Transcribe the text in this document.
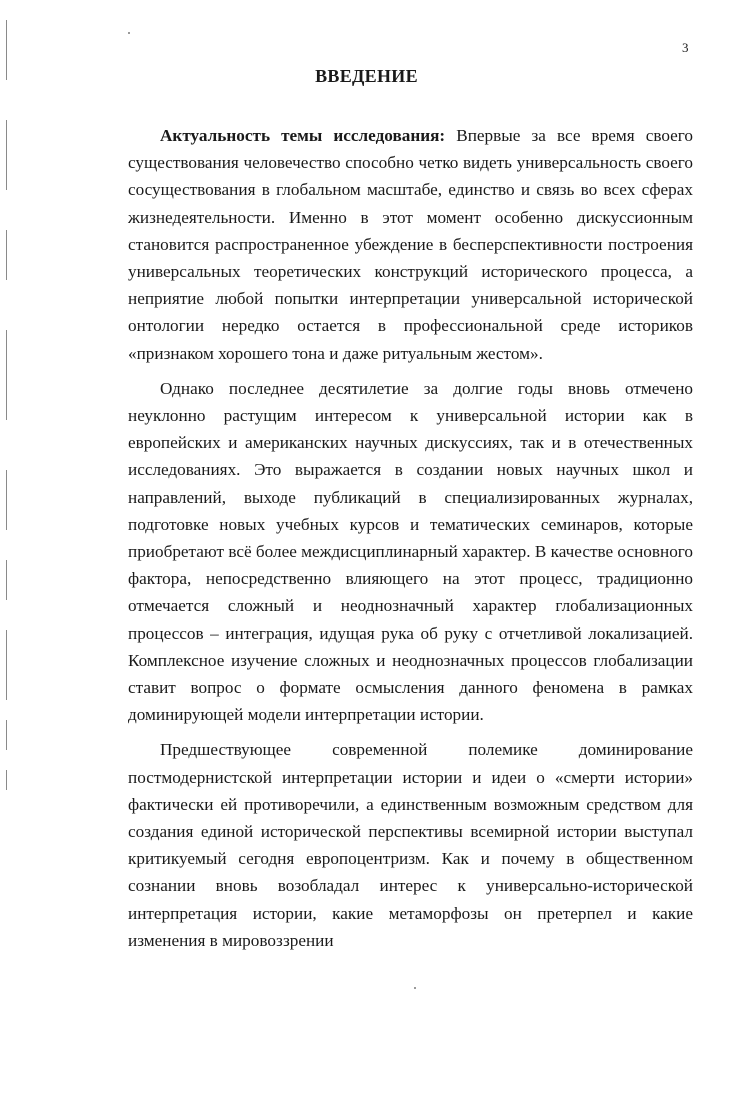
3
ВВЕДЕНИЕ

Актуальность темы исследования: Впервые за все время своего существования человечество способно четко видеть универсальность своего сосуществования в глобальном масштабе, единство и связь во всех сферах жизнедеятельности. Именно в этот момент особенно дискуссионным становится распространенное убеждение в бесперспективности построения универсальных теоретических конструкций исторического процесса, а неприятие любой попытки интерпретации универсальной исторической онтологии нередко остается в профессиональной среде историков «признаком хорошего тона и даже ритуальным жестом».

Однако последнее десятилетие за долгие годы вновь отмечено неуклонно растущим интересом к универсальной истории как в европейских и американских научных дискуссиях, так и в отечественных исследованиях. Это выражается в создании новых научных школ и направлений, выходе публикаций в специализированных журналах, подготовке новых учебных курсов и тематических семинаров, которые приобретают всё более междисциплинарный характер. В качестве основного фактора, непосредственно влияющего на этот процесс, традиционно отмечается сложный и неоднозначный характер глобализационных процессов – интеграция, идущая рука об руку с отчетливой локализацией. Комплексное изучение сложных и неоднозначных процессов глобализации ставит вопрос о формате осмысления данного феномена в рамках доминирующей модели интерпретации истории.

Предшествующее современной полемике доминирование постмодернистской интерпретации истории и идеи о «смерти истории» фактически ей противоречили, а единственным возможным средством для создания единой исторической перспективы всемирной истории выступал критикуемый сегодня европоцентризм. Как и почему в общественном сознании вновь возобладал интерес к универсально-исторической интерпретация истории, какие метаморфозы он претерпел и какие изменения в мировоззрении
